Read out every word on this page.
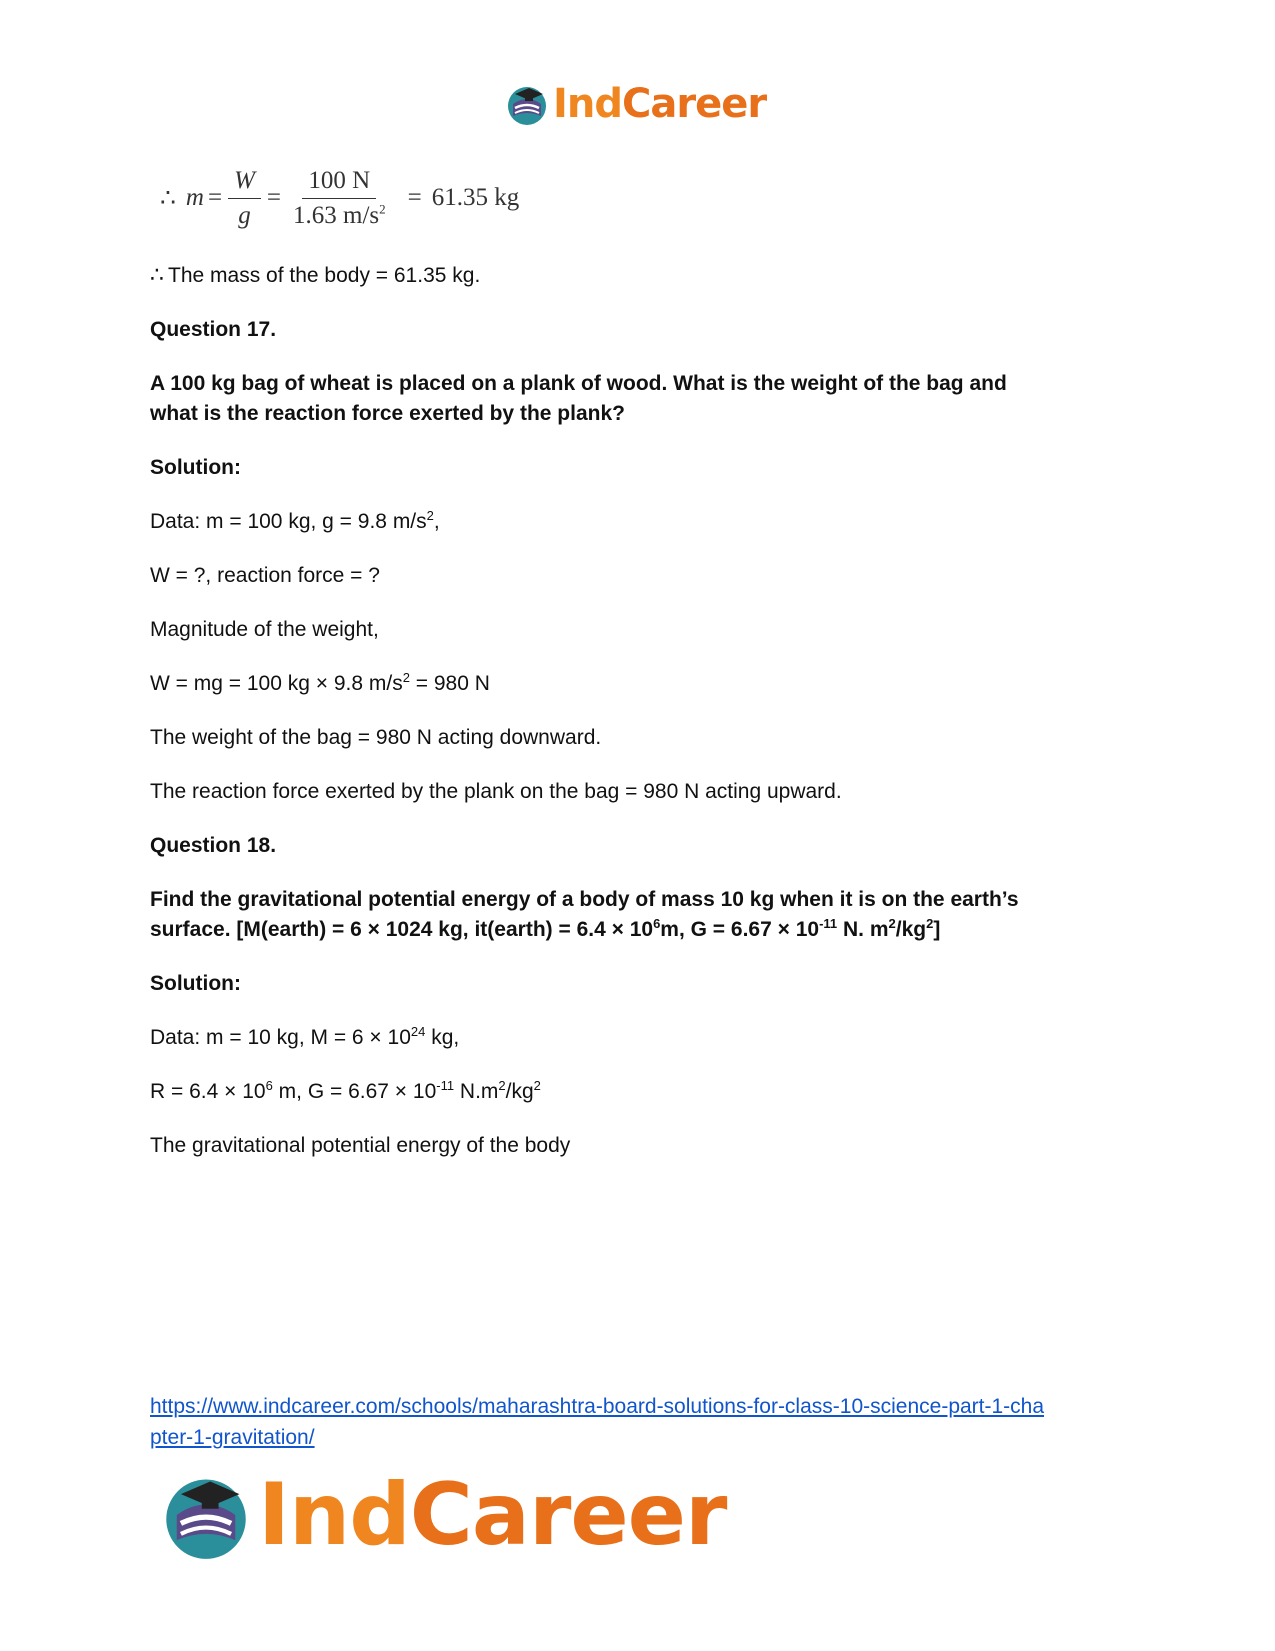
IndCareer
∴ $m = \frac{W}{g} = \frac{100 N}{1.63 m/s^2} = 61.35$ kg
∴ The mass of the body = 61.35 kg.
Question 17.
A 100 kg bag of wheat is placed on a plank of wood. What is the weight of the bag and
what is the reaction force exerted by the plank?
Solution:
Data: m = 100 kg, g = 9.8 $m/s^2$,
W = ?, reaction force = ?
Magnitude of the weight,
W = mg = 100 kg × 9.8 $m/s^2 = 980$ N
The weight of the bag = 980 N acting downward.
The reaction force exerted by the plank on the bag = 980 N acting upward.
Question 18.
Find the gravitational potential energy of a body of mass 10 kg when it is on the earth’s
surface. [M(earth) = 6 × 1024 kg, it(earth) = $6.4 \times 10^6m$, $G = 6.67 \times 10^{-11}$ N. $m^2/kg^2$]
Solution:
Data: m = 10 kg, $M = 6 \times 10^{24}$ kg,
$R = 6.4 \times 10^6$ m, $G = 6.67 \times 10^{-11}$ $N.m^2/kg^2$
The gravitational potential energy of the body
https://www.indcareer.com/schools/maharashtra-board-solutions-for-class-10-science-part-1-cha
pter-1-gravitation/
IndCareer
